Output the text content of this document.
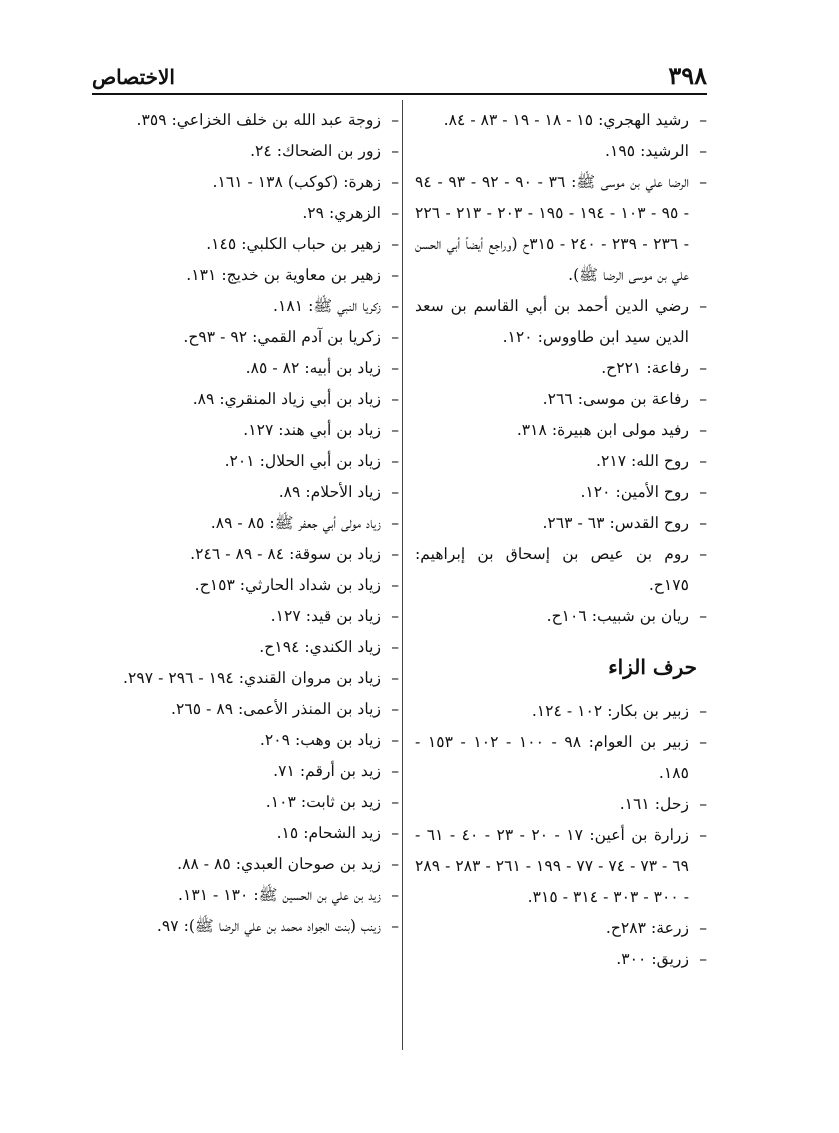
٣٩٨
الاختصاص
– رشيد الهجري: ١٥ - ١٨ - ١٩ - ٨٣ - ٨٤.
– الرشيد: ١٩٥.
– الرضا علي بن موسى ﷺ: ٣٦ - ٩٠ - ٩٢ - ٩٣ - ٩٤ - ٩٥ - ١٠٣ - ١٩٤ - ١٩٥ - ٢٠٣ - ٢١٣ - ٢٢٦ - ٢٣٦ - ٢٣٩ - ٢٤٠ - ٣١٥ح (وراجع أيضاً أبي الحسن علي بن موسى الرضا ﷺ).
– رضي الدين أحمد بن أبي القاسم بن سعد الدين سيد ابن طاووس: ١٢٠.
– رفاعة: ٢٢١ح.
– رفاعة بن موسى: ٢٦٦.
– رفيد مولى ابن هبيرة: ٣١٨.
– روح الله: ٢١٧.
– روح الأمين: ١٢٠.
– روح القدس: ٦٣ - ٢٦٣.
– روم بن عيص بن إسحاق بن إبراهيم: ١٧٥ح.
– ريان بن شبيب: ١٠٦ح.
حرف الزاء
– زبير بن بكار: ١٠٢ - ١٢٤.
– زبير بن العوام: ٩٨ - ١٠٠ - ١٠٢ - ١٥٣ - ١٨٥.
– زحل: ١٦١.
– زرارة بن أعين: ١٧ - ٢٠ - ٢٣ - ٤٠ - ٦١ - ٦٩ - ٧٣ - ٧٤ - ٧٧ - ١٩٩ - ٢٦١ - ٢٨٣ - ٢٨٩ - ٣٠٠ - ٣٠٣ - ٣١٤ - ٣١٥.
– زرعة: ٢٨٣ح.
– زريق: ٣٠٠.
– زوجة عبد الله بن خلف الخزاعي: ٣٥٩.
– زور بن الضحاك: ٢٤.
– زهرة: (كوكب) ١٣٨ - ١٦١.
– الزهري: ٢٩.
– زهير بن حباب الكلبي: ١٤٥.
– زهير بن معاوية بن خديج: ١٣١.
– زكريا النبي ﷺ: ١٨١.
– زكريا بن آدم القمي: ٩٢ - ٩٣ح.
– زياد بن أبيه: ٨٢ - ٨٥.
– زياد بن أبي زياد المنقري: ٨٩.
– زياد بن أبي هند: ١٢٧.
– زياد بن أبي الحلال: ٢٠١.
– زياد الأحلام: ٨٩.
– زياد مولى أبي جعفر ﷺ: ٨٥ - ٨٩.
– زياد بن سوقة: ٨٤ - ٨٩ - ٢٤٦.
– زياد بن شداد الحارثي: ١٥٣ح.
– زياد بن قيد: ١٢٧.
– زياد الكندي: ١٩٤ح.
– زياد بن مروان القندي: ١٩٤ - ٢٩٦ - ٢٩٧.
– زياد بن المنذر الأعمى: ٨٩ - ٢٦٥.
– زياد بن وهب: ٢٠٩.
– زيد بن أرقم: ٧١.
– زيد بن ثابت: ١٠٣.
– زيد الشحام: ١٥.
– زيد بن صوحان العبدي: ٨٥ - ٨٨.
– زيد بن علي بن الحسين ﷺ: ١٣٠ - ١٣١.
– زينب (بنت الجواد محمد بن علي الرضا ﷺ): ٩٧.
